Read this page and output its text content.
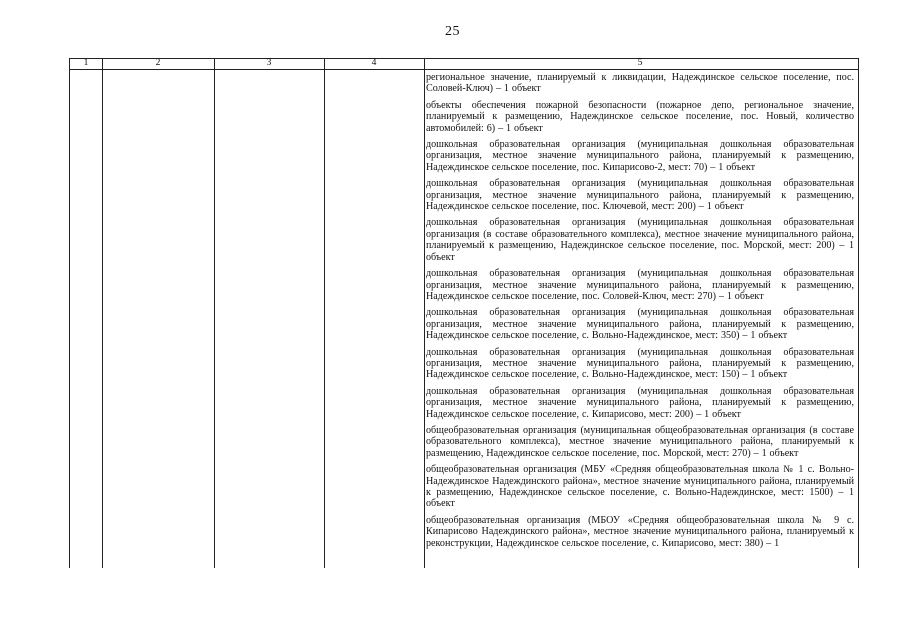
25
1	2	3	4	5

региональное значение, планируемый к ликвидации, Надеждинское сельское поселение, пос. Соловей-Ключ) – 1 объект

объекты обеспечения пожарной безопасности (пожарное депо, региональное значение, планируемый к размещению, Надеждинское сельское поселение, пос. Новый, количество автомобилей: 6) – 1 объект

дошкольная образовательная организация (муниципальная дошкольная образовательная организация, местное значение муниципального района, планируемый к размещению, Надеждинское сельское поселение, пос. Кипарисово-2, мест: 70) – 1 объект

дошкольная образовательная организация (муниципальная дошкольная образовательная организация, местное значение муниципального района, планируемый к размещению, Надеждинское сельское поселение, пос. Ключевой, мест: 200) – 1 объект

дошкольная образовательная организация (муниципальная дошкольная образовательная организация (в составе образовательного комплекса), местное значение муниципального района, планируемый к размещению, Надеждинское сельское поселение, пос. Морской, мест: 200) – 1 объект

дошкольная образовательная организация (муниципальная дошкольная образовательная организация, местное значение муниципального района, планируемый к размещению, Надеждинское сельское поселение, пос. Соловей-Ключ, мест: 270) – 1 объект

дошкольная образовательная организация (муниципальная дошкольная образовательная организация, местное значение муниципального района, планируемый к размещению, Надеждинское сельское поселение, с. Вольно-Надеждинское, мест: 350) – 1 объект

дошкольная образовательная организация (муниципальная дошкольная образовательная организация, местное значение муниципального района, планируемый к размещению, Надеждинское сельское поселение, с. Вольно-Надеждинское, мест: 150) – 1 объект

дошкольная образовательная организация (муниципальная дошкольная образовательная организация, местное значение муниципального района, планируемый к размещению, Надеждинское сельское поселение, с. Кипарисово, мест: 200) – 1 объект

общеобразовательная организация (муниципальная общеобразовательная организация (в составе образовательного комплекса), местное значение муниципального района, планируемый к размещению, Надеждинское сельское поселение, пос. Морской, мест: 270) – 1 объект

общеобразовательная организация (МБУ «Средняя общеобразовательная школа № 1 с. Вольно-Надеждинское Надеждинского района», местное значение муниципального района, планируемый к размещению, Надеждинское сельское поселение, с. Вольно-Надеждинское, мест: 1500) – 1 объект

общеобразовательная организация (МБОУ «Средняя общеобразовательная школа № 9 с. Кипарисово Надеждинского района», местное значение муниципального района, планируемый к реконструкции, Надеждинское сельское поселение, с. Кипарисово, мест: 380) – 1
